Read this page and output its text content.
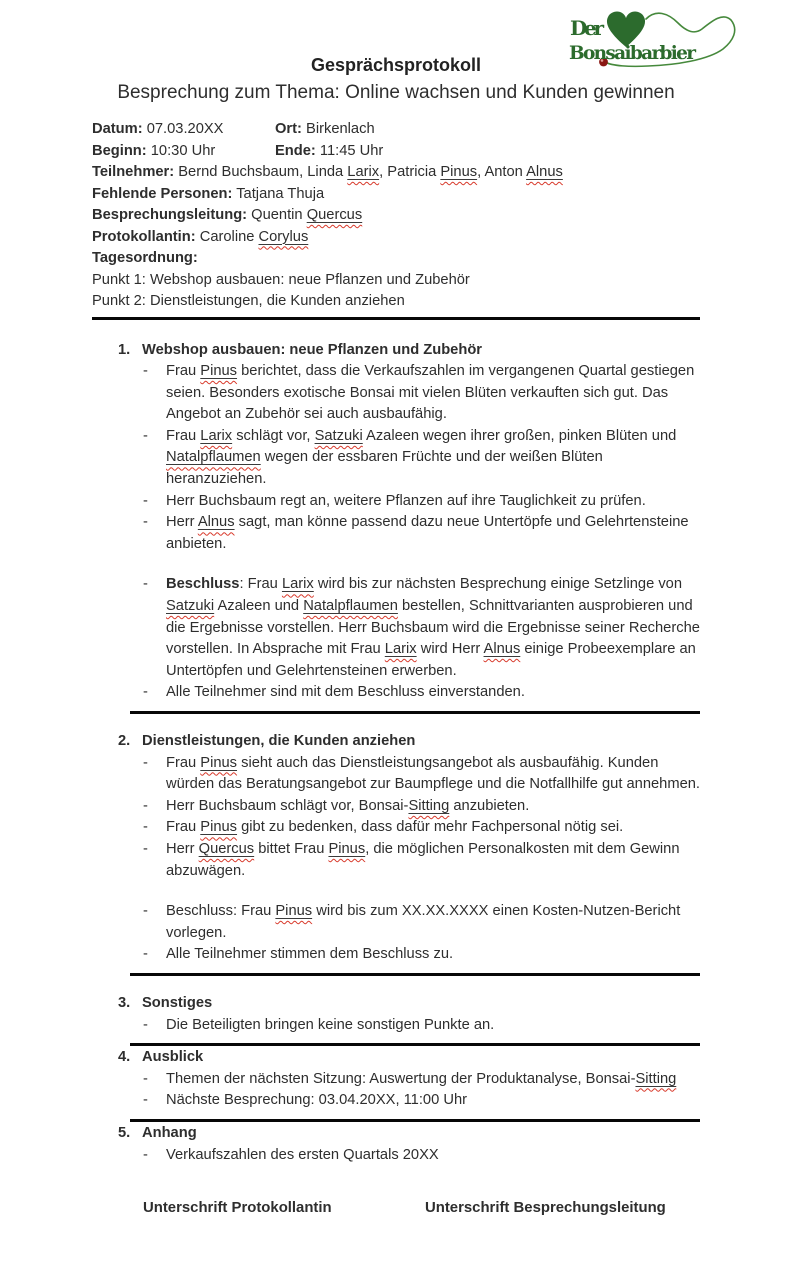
Der
Bonsaibarbier
Gesprächsprotokoll
Besprechung zum Thema: Online wachsen und Kunden gewinnen
Datum: 07.03.20XX	Ort: Birkenlach
Beginn: 10:30 Uhr	Ende: 11:45 Uhr
Teilnehmer: Bernd Buchsbaum, Linda Larix, Patricia Pinus, Anton Alnus
Fehlende Personen: Tatjana Thuja
Besprechungsleitung: Quentin Quercus
Protokollantin: Caroline Corylus
Tagesordnung:
Punkt 1: Webshop ausbauen: neue Pflanzen und Zubehör
Punkt 2: Dienstleistungen, die Kunden anziehen
1. Webshop ausbauen: neue Pflanzen und Zubehör
-	Frau Pinus berichtet, dass die Verkaufszahlen im vergangenen Quartal gestiegen seien. Besonders exotische Bonsai mit vielen Blüten verkauften sich gut. Das Angebot an Zubehör sei auch ausbaufähig.
-	Frau Larix schlägt vor, Satzuki Azaleen wegen ihrer großen, pinken Blüten und Natalpflaumen wegen der essbaren Früchte und der weißen Blüten heranzuziehen.
-	Herr Buchsbaum regt an, weitere Pflanzen auf ihre Tauglichkeit zu prüfen.
-	Herr Alnus sagt, man könne passend dazu neue Untertöpfe und Gelehrtensteine anbieten.
-	Beschluss: Frau Larix wird bis zur nächsten Besprechung einige Setzlinge von Satzuki Azaleen und Natalpflaumen bestellen, Schnittvarianten ausprobieren und die Ergebnisse vorstellen. Herr Buchsbaum wird die Ergebnisse seiner Recherche vorstellen. In Absprache mit Frau Larix wird Herr Alnus einige Probeexemplare an Untertöpfen und Gelehrtensteinen erwerben.
-	Alle Teilnehmer sind mit dem Beschluss einverstanden.
2. Dienstleistungen, die Kunden anziehen
-	Frau Pinus sieht auch das Dienstleistungsangebot als ausbaufähig. Kunden würden das Beratungsangebot zur Baumpflege und die Notfallhilfe gut annehmen.
-	Herr Buchsbaum schlägt vor, Bonsai-Sitting anzubieten.
-	Frau Pinus gibt zu bedenken, dass dafür mehr Fachpersonal nötig sei.
-	Herr Quercus bittet Frau Pinus, die möglichen Personalkosten mit dem Gewinn abzuwägen.
-	Beschluss: Frau Pinus wird bis zum XX.XX.XXXX einen Kosten-Nutzen-Bericht vorlegen.
-	Alle Teilnehmer stimmen dem Beschluss zu.
3. Sonstiges
-	Die Beteiligten bringen keine sonstigen Punkte an.
4. Ausblick
-	Themen der nächsten Sitzung: Auswertung der Produktanalyse, Bonsai-Sitting
-	Nächste Besprechung: 03.04.20XX, 11:00 Uhr
5. Anhang
-	Verkaufszahlen des ersten Quartals 20XX
Unterschrift Protokollantin	Unterschrift Besprechungsleitung
